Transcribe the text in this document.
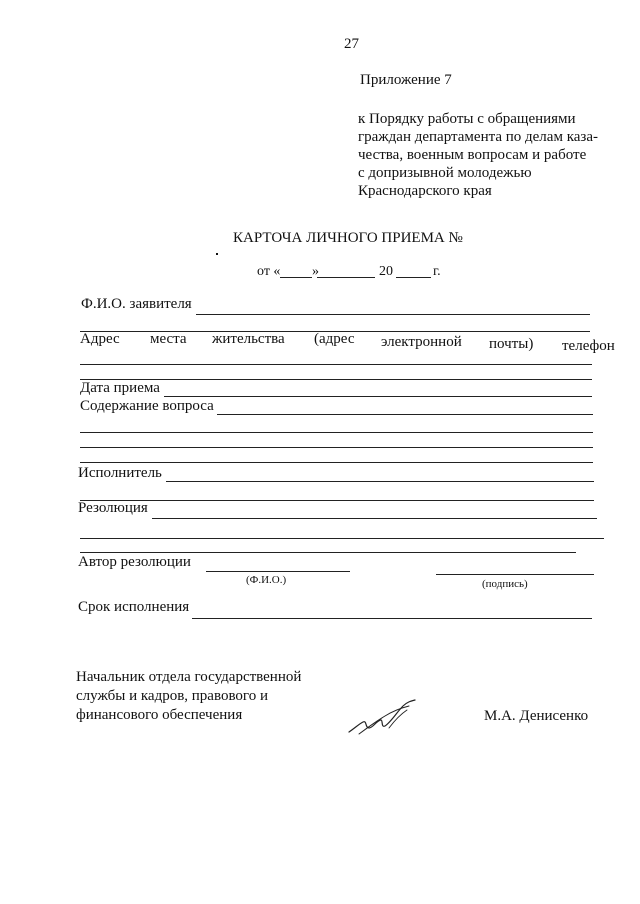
27
Приложение 7
к Порядку работы с обращениями
граждан департамента по делам каза-
чества, военным вопросам и работе
с допризывной молодежью
Краснодарского края
КАРТОЧА ЛИЧНОГО ПРИЕМА №
от « »	20	г.
Ф.И.О. заявителя
Адрес места жительства (адрес электронной почты) телефон
Дата приема
Содержание вопроса
Исполнитель
Резолюция
Автор резолюции
(Ф.И.О.)	(подпись)
Срок исполнения
Начальник отдела государственной
службы и кадров, правового и
финансового обеспечения	М.А. Денисенко
